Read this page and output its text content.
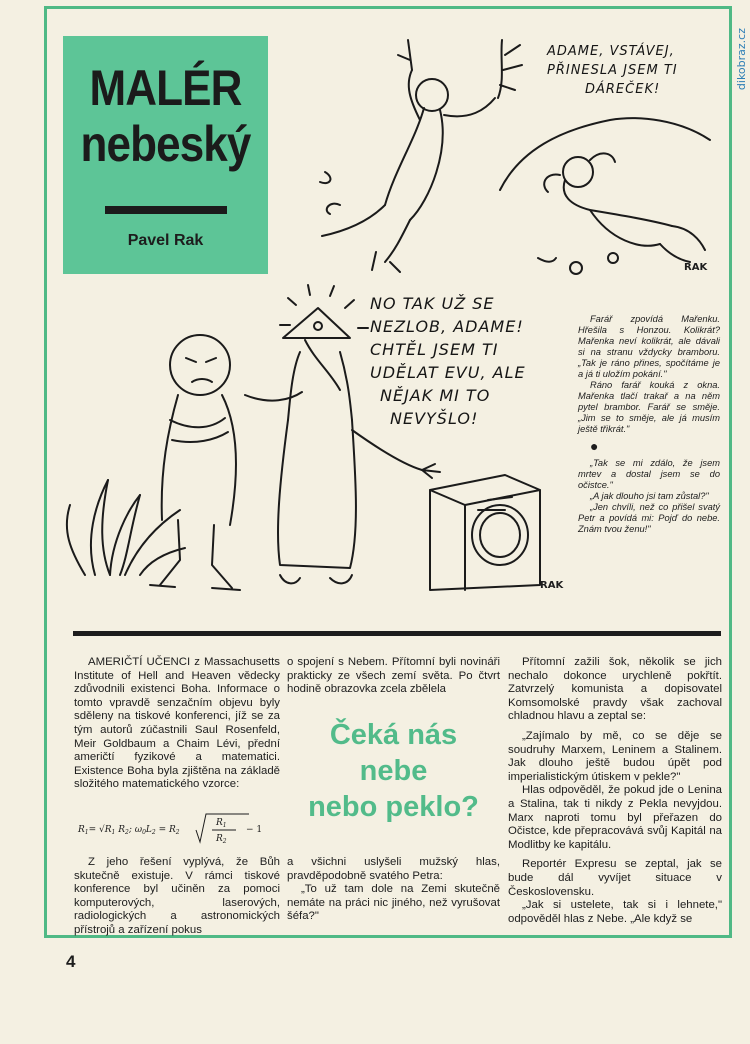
dikobraz.cz
MALÉR
nebeský
Pavel Rak
ADAME, VSTÁVEJ,
PŘINESLA JSEM TI
DÁREČEK!
RAK
NO TAK UŽ SE
NEZLOB, ADAME!
CHTĚL JSEM TI
UDĚLAT EVU, ALE
NĚJAK MI TO
NEVYŠLO!
RAK

Farář zpovídá Mařenku. Hřešila s Honzou. Kolikrát? Mařenka neví kolikrát, ale dávali si na stranu vždycky bramboru. „Tak je ráno přines, spočítáme je a já ti uložím pokání."

Ráno farář kouká z okna. Mařenka tlačí trakař a na něm pytel brambor. Farář se směje. „Jim se to směje, ale já musím ještě třikrát."

●

„Tak se mi zdálo, že jsem mrtev a dostal jsem se do očistce."

„A jak dlouho jsi tam zůstal?"

„Jen chvíli, než co přišel svatý Petr a povídá mi: Pojď do nebe. Znám tvou ženu!"

AMERIČTÍ UČENCI z Massachusetts Institute of Hell and Heaven vědecky zdůvodnili existenci Boha. Informace o tomto vpravdě senzačním objevu byly sděleny na tiskové konferenci, jíž se za tým autorů zúčastnili Saul Rosenfeld, Meir Goldbaum a Chaim Lévi, přední američtí fyzikové a matematici. Existence Boha byla zjištěna na základě složitého matematického vzorce:

$R_1= √R_1$ $R_2$; $\omega_0L_2 = R_2$
$R_1$
$R_2$
− 1

Z jeho řešení vyplývá, že Bůh skutečně existuje. V rámci tiskové konference byl učiněn za pomoci komputerových, laserových, radiologických a astronomických přístrojů a zařízení pokus

o spojení s Nebem. Přítomní byli novináři prakticky ze všech zemí světa. Po čtvrt hodině obrazovka zcela zbělela

Čeká nás
nebe
nebo peklo?

a všichni uslyšeli mužský hlas, pravděpodobně svatého Petra:

„To už tam dole na Zemi skutečně nemáte na práci nic jiného, než vyrušovat šéfa?"

Přítomní zažili šok, několik se jich nechalo dokonce urychleně pokřtít. Zatvrzelý komunista a dopisovatel Komsomolské pravdy však zachoval chladnou hlavu a zeptal se:

„Zajímalo by mě, co se děje se soudruhy Marxem, Leninem a Stalinem. Jak dlouho ještě budou úpět pod imperialistickým útiskem v pekle?"

Hlas odpověděl, že pokud jde o Lenina a Stalina, tak ti nikdy z Pekla nevyjdou. Marx naproti tomu byl přeřazen do Očistce, kde přepracovává svůj Kapitál na Modlitby ke kapitálu.

Reportér Expresu se zeptal, jak se bude dál vyvíjet situace v Československu.

„Jak si ustelete, tak si i lehnete," odpověděl hlas z Nebe. „Ale když se

4
